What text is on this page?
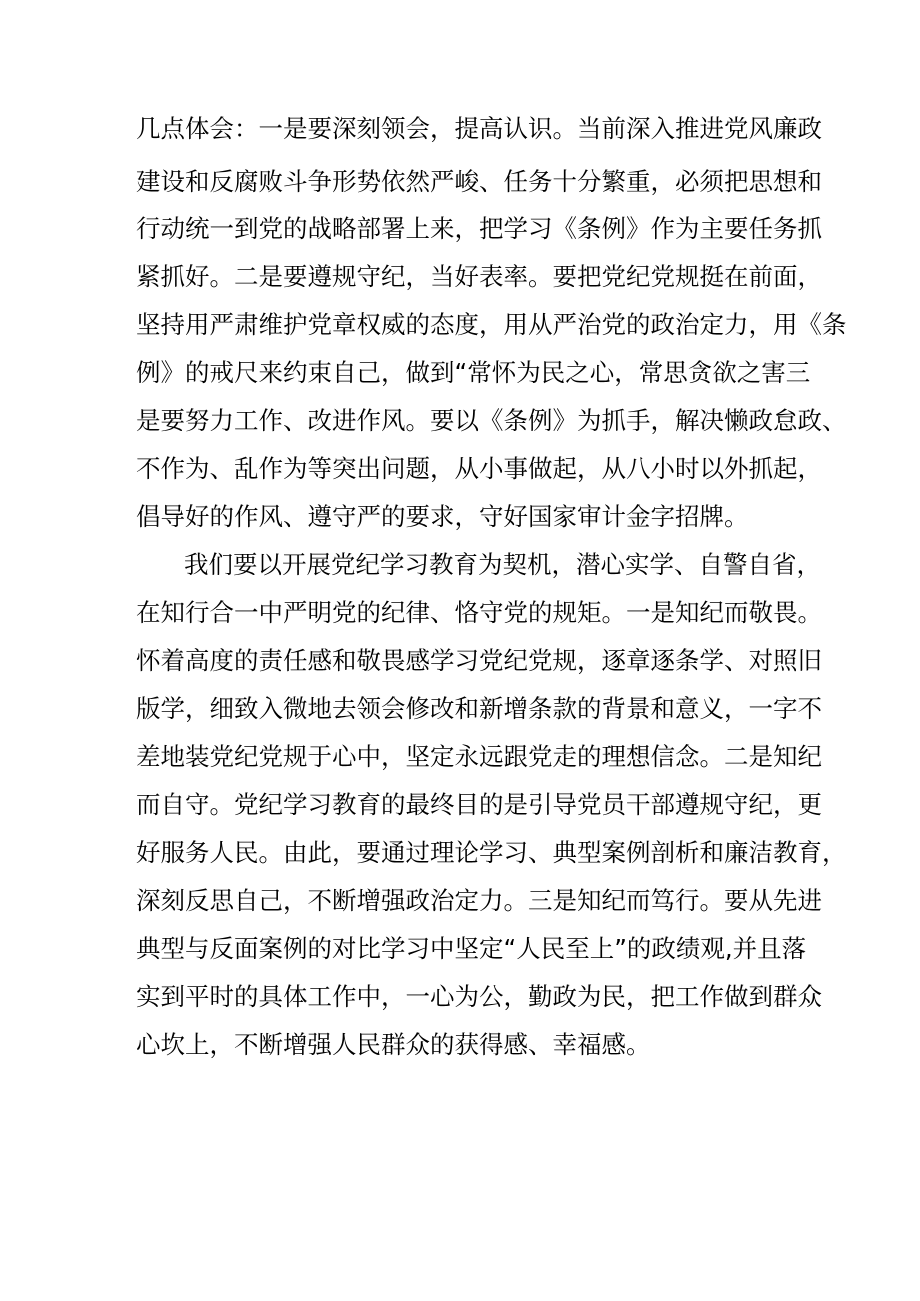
几点体会：一是要深刻领会，提高认识。当前深入推进党风廉政
建设和反腐败斗争形势依然严峻、任务十分繁重，必须把思想和
行动统一到党的战略部署上来，把学习《条例》作为主要任务抓
紧抓好。二是要遵规守纪，当好表率。要把党纪党规挺在前面，
坚持用严肃维护党章权威的态度，用从严治党的政治定力，用《条
例》的戒尺来约束自己，做到“常怀为民之心，常思贪欲之害三
是要努力工作、改进作风。要以《条例》为抓手，解决懒政怠政、
不作为、乱作为等突出问题，从小事做起，从八小时以外抓起，
倡导好的作风、遵守严的要求，守好国家审计金字招牌。
我们要以开展党纪学习教育为契机，潜心实学、自警自省，
在知行合一中严明党的纪律、恪守党的规矩。一是知纪而敬畏。
怀着高度的责任感和敬畏感学习党纪党规，逐章逐条学、对照旧
版学，细致入微地去领会修改和新增条款的背景和意义，一字不
差地装党纪党规于心中，坚定永远跟党走的理想信念。二是知纪
而自守。党纪学习教育的最终目的是引导党员干部遵规守纪，更
好服务人民。由此，要通过理论学习、典型案例剖析和廉洁教育，
深刻反思自己，不断增强政治定力。三是知纪而笃行。要从先进
典型与反面案例的对比学习中坚定“人民至上”的政绩观,并且落
实到平时的具体工作中，一心为公，勤政为民，把工作做到群众
心坎上，不断增强人民群众的获得感、幸福感。
